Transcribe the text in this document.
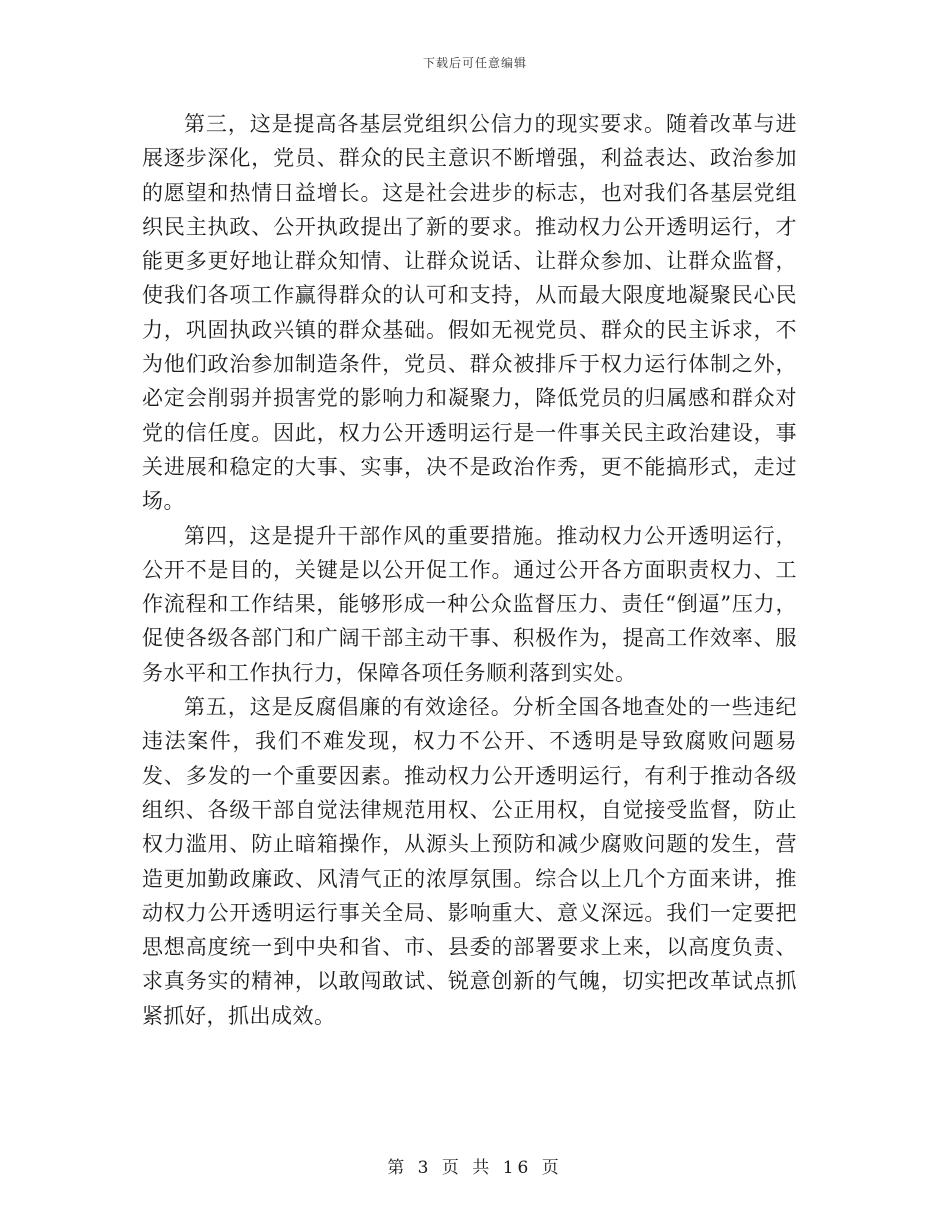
下载后可任意编辑

第三，这是提高各基层党组织公信力的现实要求。随着改革与进展逐步深化，党员、群众的民主意识不断增强，利益表达、政治参加的愿望和热情日益增长。这是社会进步的标志，也对我们各基层党组织民主执政、公开执政提出了新的要求。推动权力公开透明运行，才能更多更好地让群众知情、让群众说话、让群众参加、让群众监督，使我们各项工作赢得群众的认可和支持，从而最大限度地凝聚民心民力，巩固执政兴镇的群众基础。假如无视党员、群众的民主诉求，不为他们政治参加制造条件，党员、群众被排斥于权力运行体制之外，必定会削弱并损害党的影响力和凝聚力，降低党员的归属感和群众对党的信任度。因此，权力公开透明运行是一件事关民主政治建设，事关进展和稳定的大事、实事，决不是政治作秀，更不能搞形式，走过场。

第四，这是提升干部作风的重要措施。推动权力公开透明运行，公开不是目的，关键是以公开促工作。通过公开各方面职责权力、工作流程和工作结果，能够形成一种公众监督压力、责任“倒逼”压力，促使各级各部门和广阔干部主动干事、积极作为，提高工作效率、服务水平和工作执行力，保障各项任务顺利落到实处。

第五，这是反腐倡廉的有效途径。分析全国各地查处的一些违纪违法案件，我们不难发现，权力不公开、不透明是导致腐败问题易发、多发的一个重要因素。推动权力公开透明运行，有利于推动各级组织、各级干部自觉法律规范用权、公正用权，自觉接受监督，防止权力滥用、防止暗箱操作，从源头上预防和减少腐败问题的发生，营造更加勤政廉政、风清气正的浓厚氛围。综合以上几个方面来讲，推动权力公开透明运行事关全局、影响重大、意义深远。我们一定要把思想高度统一到中央和省、市、县委的部署要求上来，以高度负责、求真务实的精神，以敢闯敢试、锐意创新的气魄，切实把改革试点抓紧抓好，抓出成效。

第 3 页 共 16 页
